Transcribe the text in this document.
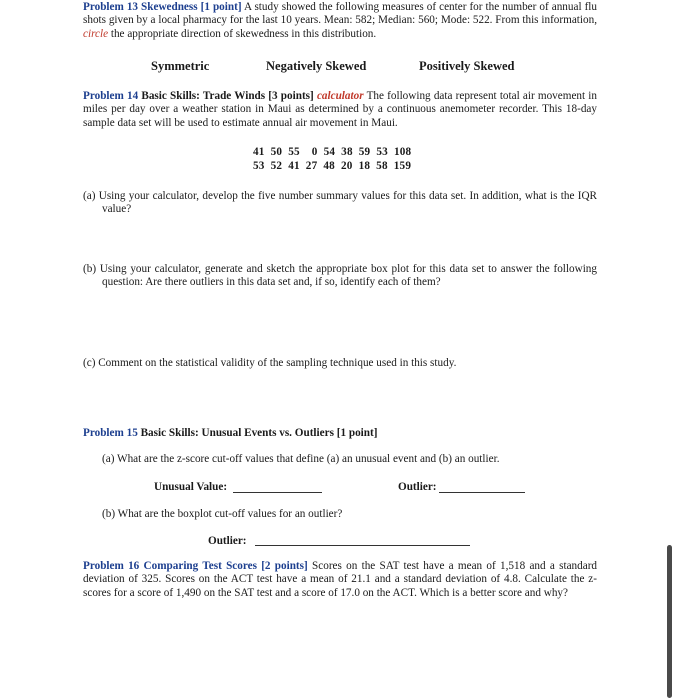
Problem 13 Skewedness [1 point] A study showed the following measures of center for the number of annual flu shots given by a local pharmacy for the last 10 years. Mean: 582; Median: 560; Mode: 522. From this information, circle the appropriate direction of skewedness in this distribution.
Symmetric	Negatively Skewed	Positively Skewed
Problem 14 Basic Skills: Trade Winds [3 points] calculator The following data represent total air movement in miles per day over a weather station in Maui as determined by a continuous anemometer recorder. This 18-day sample data set will be used to estimate annual air movement in Maui.
41 50 55 0 54 38 59 53 108
53 52 41 27 48 20 18 58 159
(a) Using your calculator, develop the five number summary values for this data set. In addition, what is the IQR value?
(b) Using your calculator, generate and sketch the appropriate box plot for this data set to answer the following question: Are there outliers in this data set and, if so, identify each of them?
(c) Comment on the statistical validity of the sampling technique used in this study.
Problem 15 Basic Skills: Unusual Events vs. Outliers [1 point]
(a) What are the z-score cut-off values that define (a) an unusual event and (b) an outlier.
Unusual Value:	Outlier:
(b) What are the boxplot cut-off values for an outlier?
Outlier:
Problem 16 Comparing Test Scores [2 points] Scores on the SAT test have a mean of 1,518 and a standard deviation of 325. Scores on the ACT test have a mean of 21.1 and a standard deviation of 4.8. Calculate the z-scores for a score of 1,490 on the SAT test and a score of 17.0 on the ACT. Which is a better score and why?
